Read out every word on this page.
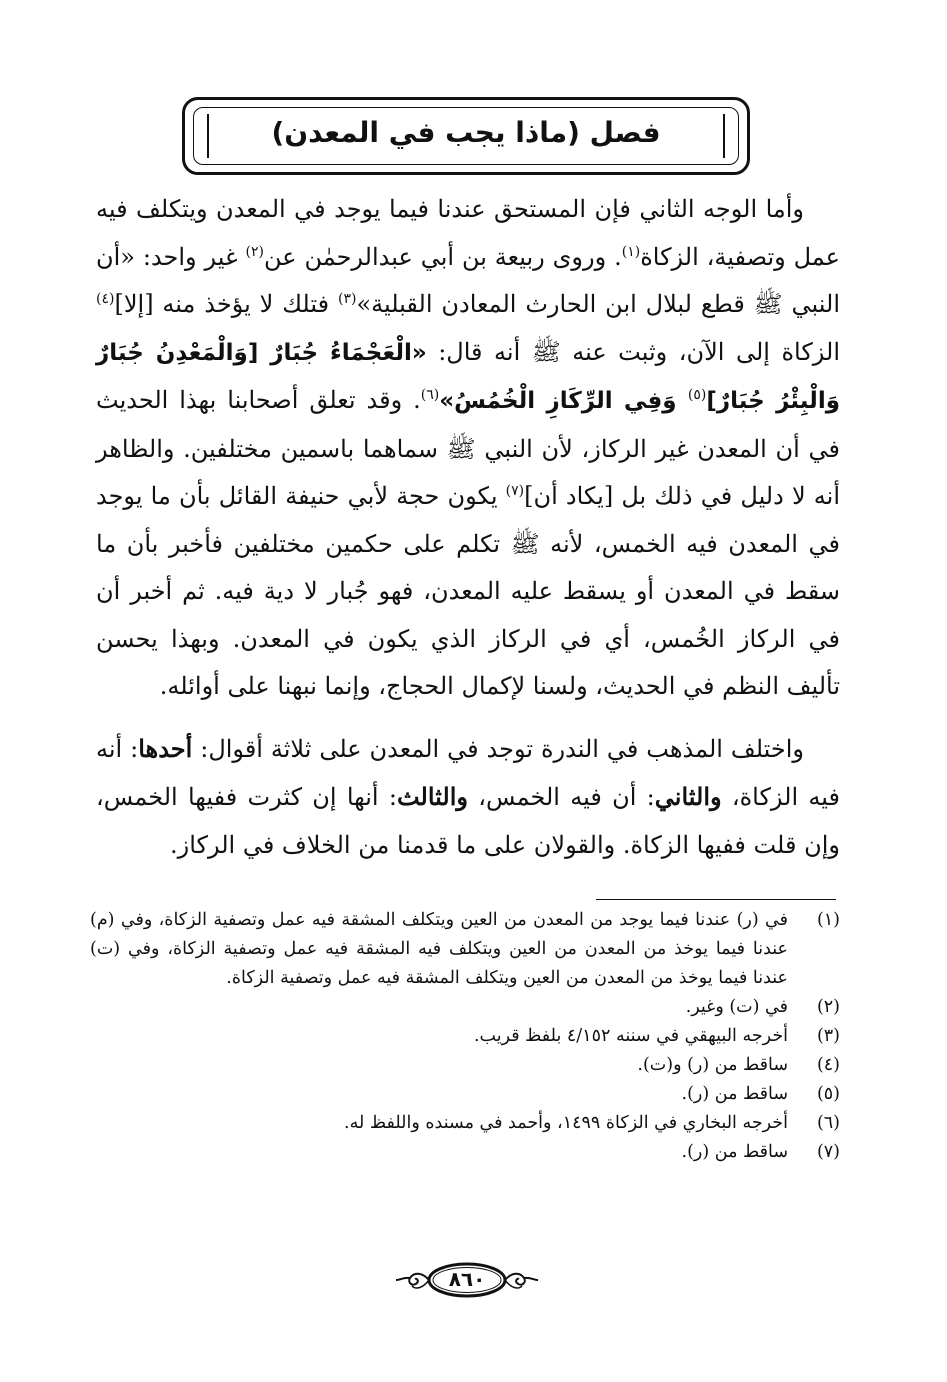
فصل (ماذا يجب في المعدن)

وأما الوجه الثاني فإن المستحق عندنا فيما يوجد في المعدن ويتكلف فيه عمل وتصفية، الزكاة$^{(١)}$. وروى ربيعة بن أبي عبدالرحمٰن عن$^{(٢)}$ غير واحد: «أن النبي ﷺ قطع لبلال ابن الحارث المعادن القبلية»$^{(٣)}$ فتلك لا يؤخذ منه [إلا]$^{(٤)}$ الزكاة إلى الآن، وثبت عنه ﷺ أنه قال: «الْعَجْمَاءُ جُبَارٌ [وَالْمَعْدِنُ جُبَارٌ وَالْبِئْرُ جُبَارٌ]$^{(٥)}$ وَفِي الرِّكَازِ الْخُمُسُ»$^{(٦)}$. وقد تعلق أصحابنا بهذا الحديث في أن المعدن غير الركاز، لأن النبي ﷺ سماهما باسمين مختلفين. والظاهر أنه لا دليل في ذلك بل [يكاد أن]$^{(٧)}$ يكون حجة لأبي حنيفة القائل بأن ما يوجد في المعدن فيه الخمس، لأنه ﷺ تكلم على حكمين مختلفين فأخبر بأن ما سقط في المعدن أو يسقط عليه المعدن، فهو جُبار لا دية فيه. ثم أخبر أن في الركاز الخُمس، أي في الركاز الذي يكون في المعدن. وبهذا يحسن تأليف النظم في الحديث، ولسنا لإكمال الحجاج، وإنما نبهنا على أوائله.

واختلف المذهب في الندرة توجد في المعدن على ثلاثة أقوال: أحدها: أنه فيه الزكاة، والثاني: أن فيه الخمس، والثالث: أنها إن كثرت ففيها الخمس، وإن قلت ففيها الزكاة. والقولان على ما قدمنا من الخلاف في الركاز.

(١)
في (ر) عندنا فيما يوجد من المعدن من العين ويتكلف المشقة فيه عمل وتصفية الزكاة، وفي (م) عندنا فيما يوخذ من المعدن من العين ويتكلف فيه المشقة فيه عمل وتصفية الزكاة، وفي (ت) عندنا فيما يوخذ من المعدن من العين ويتكلف المشقة فيه عمل وتصفية الزكاة.
(٢)
في (ت) وغير.
(٣)
أخرجه البيهقي في سننه ٤/١٥٢ بلفظ قريب.
(٤)
ساقط من (ر) و(ت).
(٥)
ساقط من (ر).
(٦)
أخرجه البخاري في الزكاة ١٤٩٩، وأحمد في مسنده واللفظ له.
(٧)
ساقط من (ر).
٨٦٠
